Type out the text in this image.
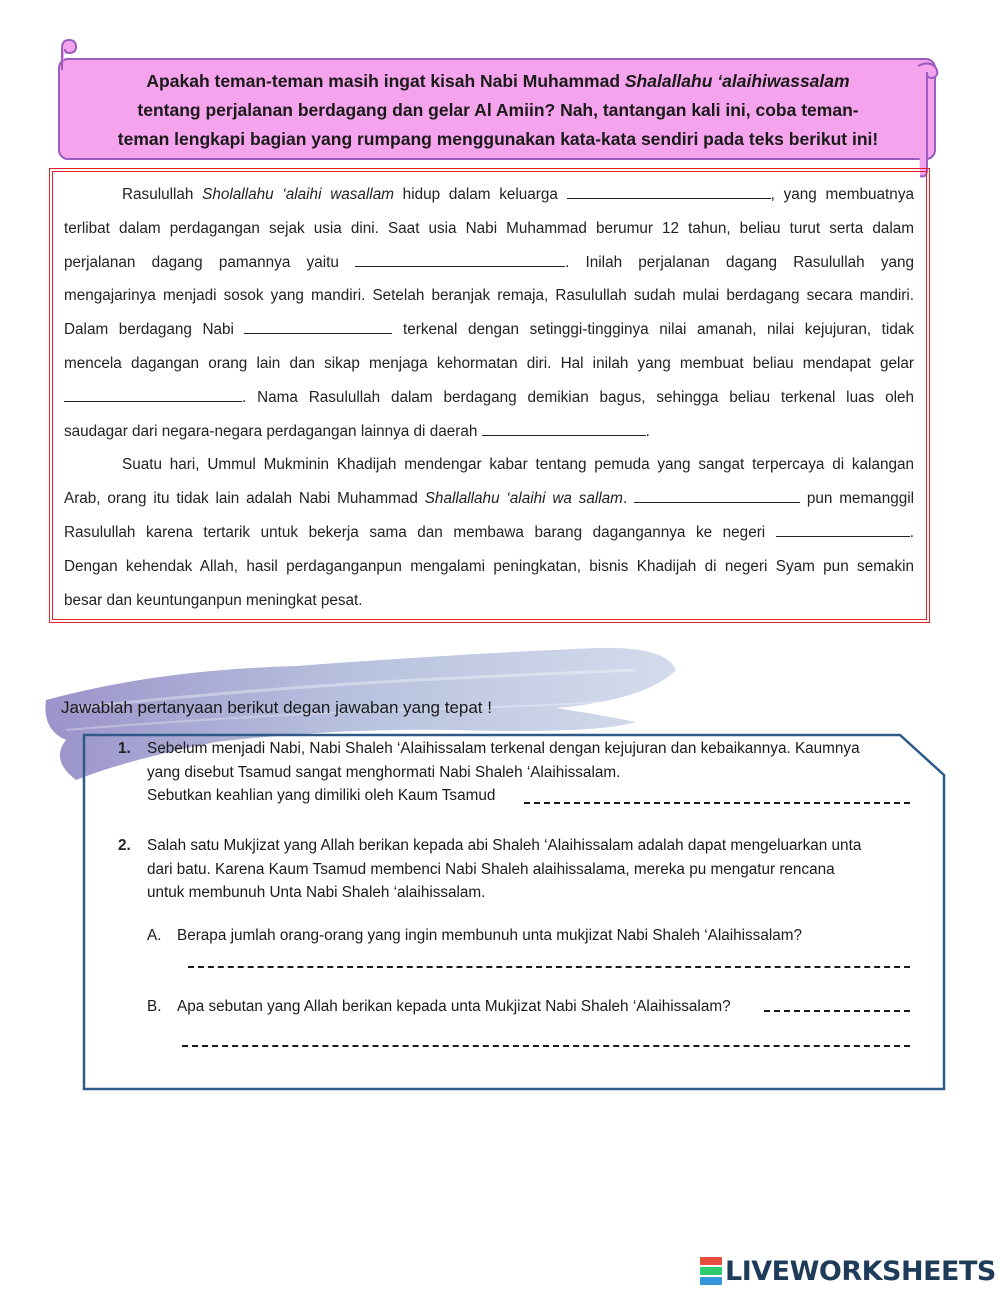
Apakah teman-teman masih ingat kisah Nabi Muhammad Shalallahu ‘alaihiwassalam
tentang perjalanan berdagang dan gelar Al Amiin? Nah, tantangan kali ini, coba teman-
teman lengkapi bagian yang rumpang menggunakan kata-kata sendiri pada teks berikut ini!
Rasulullah Sholallahu ‘alaihi wasallam hidup dalam keluarga	, yang membuatnya
terlibat dalam perdagangan sejak usia dini. Saat usia Nabi Muhammad berumur 12 tahun, beliau turut serta dalam
perjalanan dagang pamannya yaitu	. Inilah perjalanan dagang Rasulullah yang
mengajarinya menjadi sosok yang mandiri. Setelah beranjak remaja, Rasulullah sudah mulai berdagang secara mandiri.
Dalam berdagang Nabi	terkenal dengan setinggi-tingginya nilai amanah, nilai kejujuran, tidak
mencela dagangan orang lain dan sikap menjaga kehormatan diri. Hal inilah yang membuat beliau mendapat gelar
. Nama Rasulullah dalam berdagang demikian bagus, sehingga beliau terkenal luas oleh
saudagar dari negara-negara perdagangan lainnya di daerah	.
Suatu hari, Ummul Mukminin Khadijah mendengar kabar tentang pemuda yang sangat terpercaya di kalangan
Arab, orang itu tidak lain adalah Nabi Muhammad Shallallahu ‘alaihi wa sallam.	pun memanggil
Rasulullah karena tertarik untuk bekerja sama dan membawa barang dagangannya ke negeri	.
Dengan kehendak Allah, hasil perdaganganpun mengalami peningkatan, bisnis Khadijah di negeri Syam pun semakin
besar dan keuntunganpun meningkat pesat.
Jawablah pertanyaan berikut degan jawaban yang tepat !
1. Sebelum menjadi Nabi, Nabi Shaleh ‘Alaihissalam terkenal dengan kejujuran dan kebaikannya. Kaumnya
yang disebut Tsamud sangat menghormati Nabi Shaleh ‘Alaihissalam.
Sebutkan keahlian yang dimiliki oleh Kaum Tsamud
2. Salah satu Mukjizat yang Allah berikan kepada abi Shaleh ‘Alaihissalam adalah dapat mengeluarkan unta
dari batu. Karena Kaum Tsamud membenci Nabi Shaleh alaihissalama, mereka pu mengatur rencana
untuk membunuh Unta Nabi Shaleh ‘alaihissalam.
A. Berapa jumlah orang-orang yang ingin membunuh unta mukjizat Nabi Shaleh ‘Alaihissalam?
B. Apa sebutan yang Allah berikan kepada unta Mukjizat Nabi Shaleh ‘Alaihissalam?
LIVEWORKSHEETS
